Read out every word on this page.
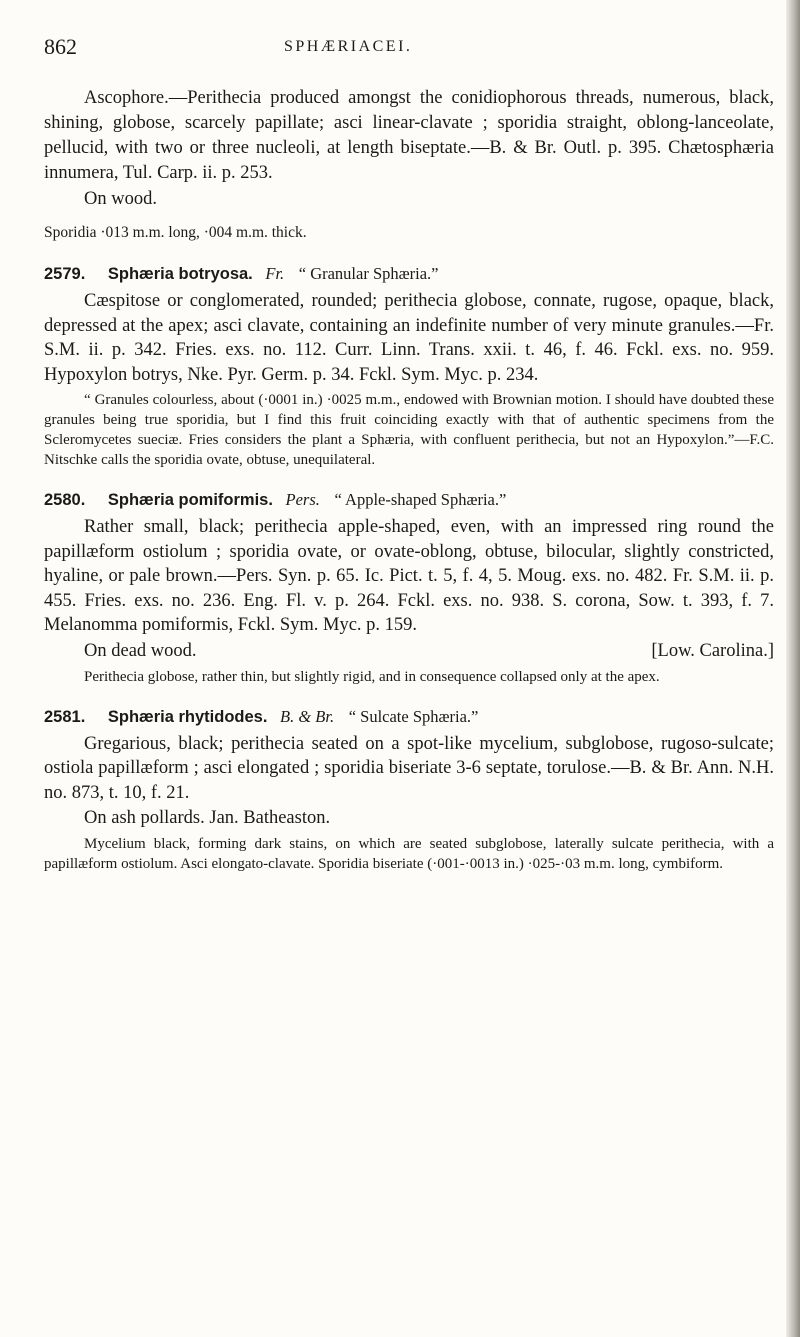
862	SPHÆRIACEI.

Ascophore.—Perithecia produced amongst the conidiophorous threads, numerous, black, shining, globose, scarcely papillate; asci linear-clavate ; sporidia straight, oblong-lanceolate, pellucid, with two or three nucleoli, at length biseptate.—B. & Br. Outl. p. 395. Chætosphæria innumera, Tul. Carp. ii. p. 253.

On wood.

Sporidia ·013 m.m. long, ·004 m.m. thick.

2579. Sphæria botryosa. Fr. “ Granular Sphæria.”

Cæspitose or conglomerated, rounded; perithecia globose, connate, rugose, opaque, black, depressed at the apex; asci clavate, containing an indefinite number of very minute granules.—Fr. S.M. ii. p. 342. Fries. exs. no. 112. Curr. Linn. Trans. xxii. t. 46, f. 46. Fckl. exs. no. 959. Hypoxylon botrys, Nke. Pyr. Germ. p. 34. Fckl. Sym. Myc. p. 234.

“ Granules colourless, about (·0001 in.) ·0025 m.m., endowed with Brownian motion. I should have doubted these granules being true sporidia, but I find this fruit coinciding exactly with that of authentic specimens from the Scleromycetes sueciæ. Fries considers the plant a Sphæria, with confluent perithecia, but not an Hypoxylon.”—F.C. Nitschke calls the sporidia ovate, obtuse, unequilateral.

2580. Sphæria pomiformis. Pers. “ Apple-shaped Sphæria.”

Rather small, black; perithecia apple-shaped, even, with an impressed ring round the papillæform ostiolum ; sporidia ovate, or ovate-oblong, obtuse, bilocular, slightly constricted, hyaline, or pale brown.—Pers. Syn. p. 65. Ic. Pict. t. 5, f. 4, 5. Moug. exs. no. 482. Fr. S.M. ii. p. 455. Fries. exs. no. 236. Eng. Fl. v. p. 264. Fckl. exs. no. 938. S. corona, Sow. t. 393, f. 7. Melanomma pomiformis, Fckl. Sym. Myc. p. 159.

On dead wood.	[Low. Carolina.]

Perithecia globose, rather thin, but slightly rigid, and in consequence collapsed only at the apex.

2581. Sphæria rhytidodes. B. & Br. “ Sulcate Sphæria.”

Gregarious, black; perithecia seated on a spot-like mycelium, subglobose, rugoso-sulcate; ostiola papillæform ; asci elongated ; sporidia biseriate 3-6 septate, torulose.—B. & Br. Ann. N.H. no. 873, t. 10, f. 21.

On ash pollards. Jan. Batheaston.

Mycelium black, forming dark stains, on which are seated subglobose, laterally sulcate perithecia, with a papillæform ostiolum. Asci elongato-clavate. Sporidia biseriate (·001-·0013 in.) ·025-·03 m.m. long, cymbiform.
